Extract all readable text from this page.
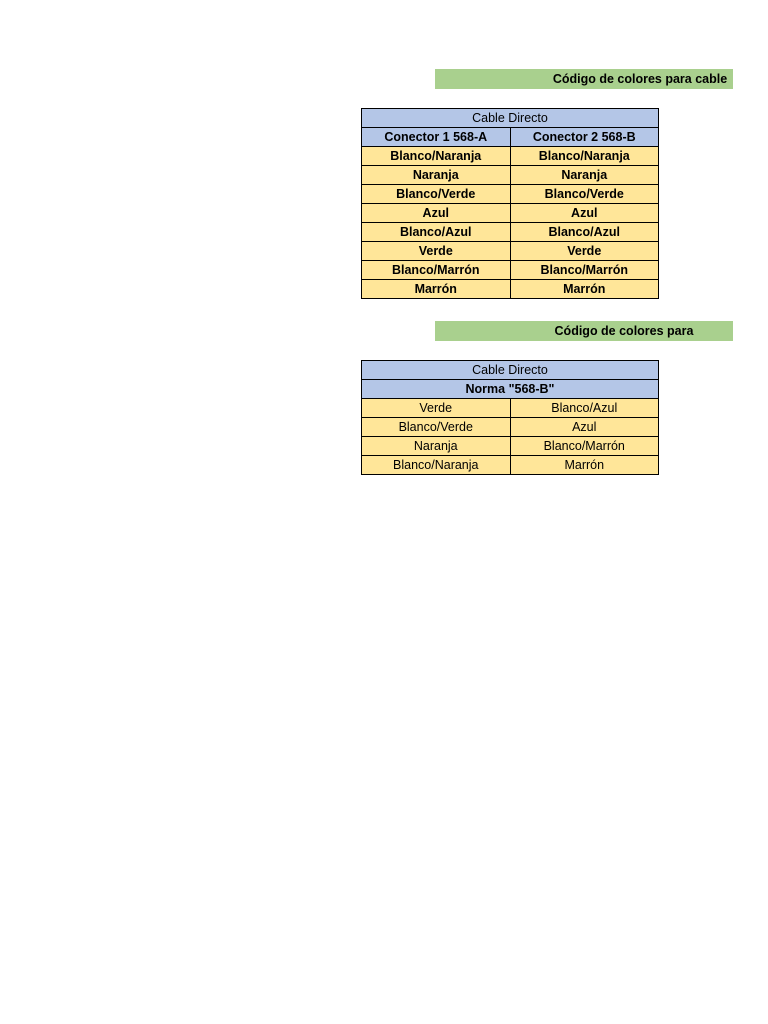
Código de colores para cable
Cable Directo	
Conector 1 568-A	Conector 2 568-B
Blanco/Naranja	Blanco/Naranja
Naranja	Naranja
Blanco/Verde	Blanco/Verde
Azul	Azul
Blanco/Azul	Blanco/Azul
Verde	Verde
Blanco/Marrón	Blanco/Marrón
Marrón	Marrón
Código de colores para
Cable Directo	
Norma "568-B"	
Verde	Blanco/Azul
Blanco/Verde	Azul
Naranja	Blanco/Marrón
Blanco/Naranja	Marrón
